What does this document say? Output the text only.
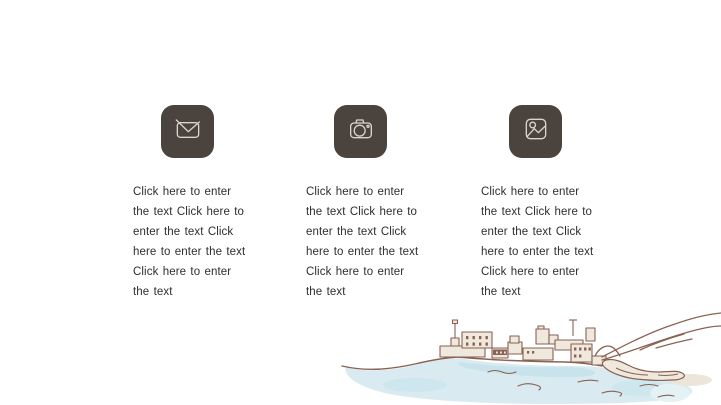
Click here to enter the text Click here to enter the text Click here to enter the text Click here to enter the text
Click here to enter the text Click here to enter the text Click here to enter the text Click here to enter the text
Click here to enter the text Click here to enter the text Click here to enter the text Click here to enter the text
